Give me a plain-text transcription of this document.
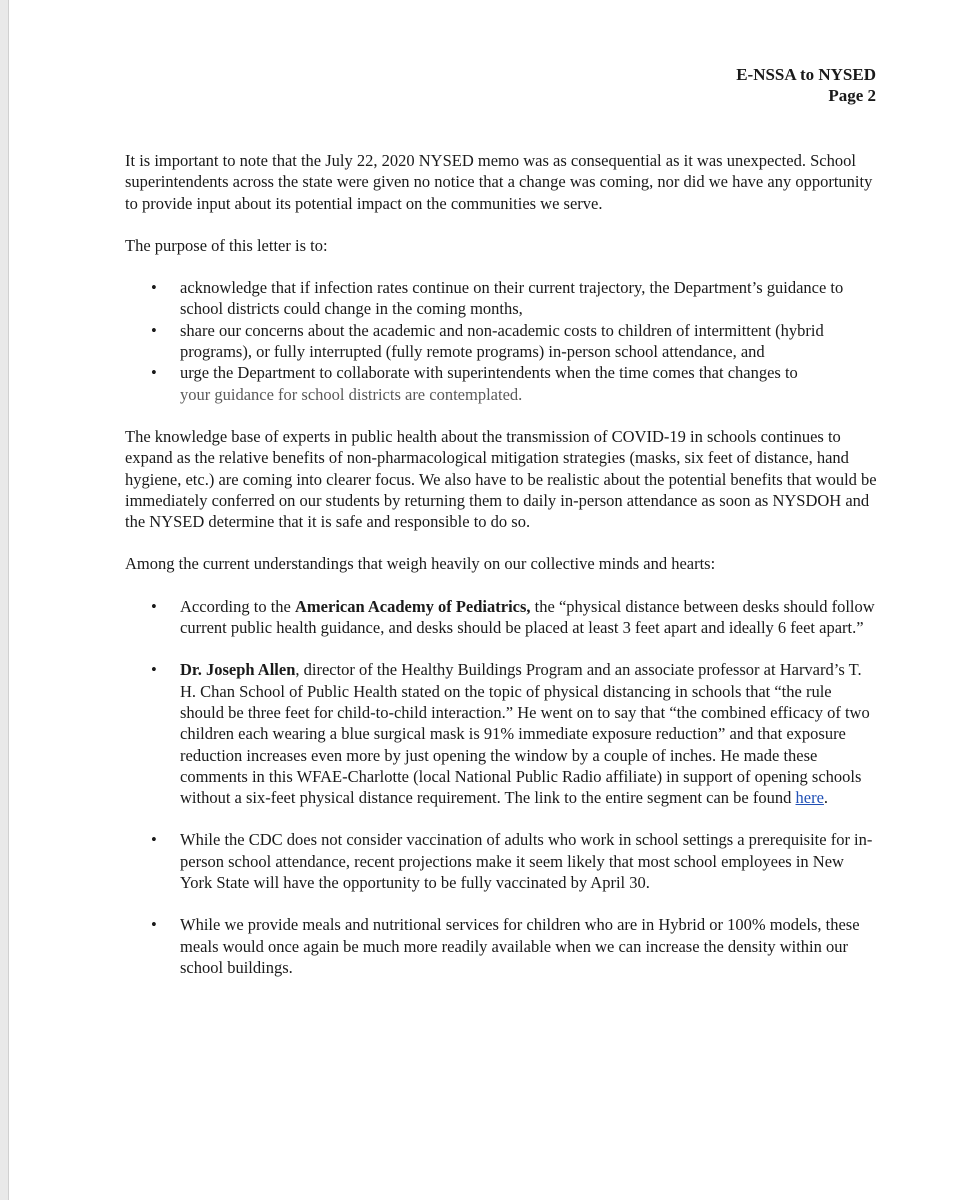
E-NSSA to NYSED
Page 2

It is important to note that the July 22, 2020 NYSED memo was as consequential as it was unexpected. School superintendents across the state were given no notice that a change was coming, nor did we have any opportunity to provide input about its potential impact on the communities we serve.

The purpose of this letter is to:

• acknowledge that if infection rates continue on their current trajectory, the Department’s guidance to school districts could change in the coming months,
• share our concerns about the academic and non-academic costs to children of intermittent (hybrid programs), or fully interrupted (fully remote programs) in-person school attendance, and
• urge the Department to collaborate with superintendents when the time comes that changes to
your guidance for school districts are contemplated.

The knowledge base of experts in public health about the transmission of COVID-19 in schools continues to expand as the relative benefits of non-pharmacological mitigation strategies (masks, six feet of distance, hand hygiene, etc.) are coming into clearer focus. We also have to be realistic about the potential benefits that would be immediately conferred on our students by returning them to daily in-person attendance as soon as NYSDOH and the NYSED determine that it is safe and responsible to do so.

Among the current understandings that weigh heavily on our collective minds and hearts:

• According to the American Academy of Pediatrics, the “physical distance between desks should follow current public health guidance, and desks should be placed at least 3 feet apart and ideally 6 feet apart.”
• Dr. Joseph Allen, director of the Healthy Buildings Program and an associate professor at Harvard’s T. H. Chan School of Public Health stated on the topic of physical distancing in schools that “the rule should be three feet for child-to-child interaction.” He went on to say that “the combined efficacy of two children each wearing a blue surgical mask is 91% immediate exposure reduction” and that exposure reduction increases even more by just opening the window by a couple of inches. He made these comments in this WFAE-Charlotte (local National Public Radio affiliate) in support of opening schools without a six-feet physical distance requirement. The link to the entire segment can be found here.
• While the CDC does not consider vaccination of adults who work in school settings a prerequisite for in-person school attendance, recent projections make it seem likely that most school employees in New York State will have the opportunity to be fully vaccinated by April 30.
• While we provide meals and nutritional services for children who are in Hybrid or 100% models, these meals would once again be much more readily available when we can increase the density within our school buildings.
